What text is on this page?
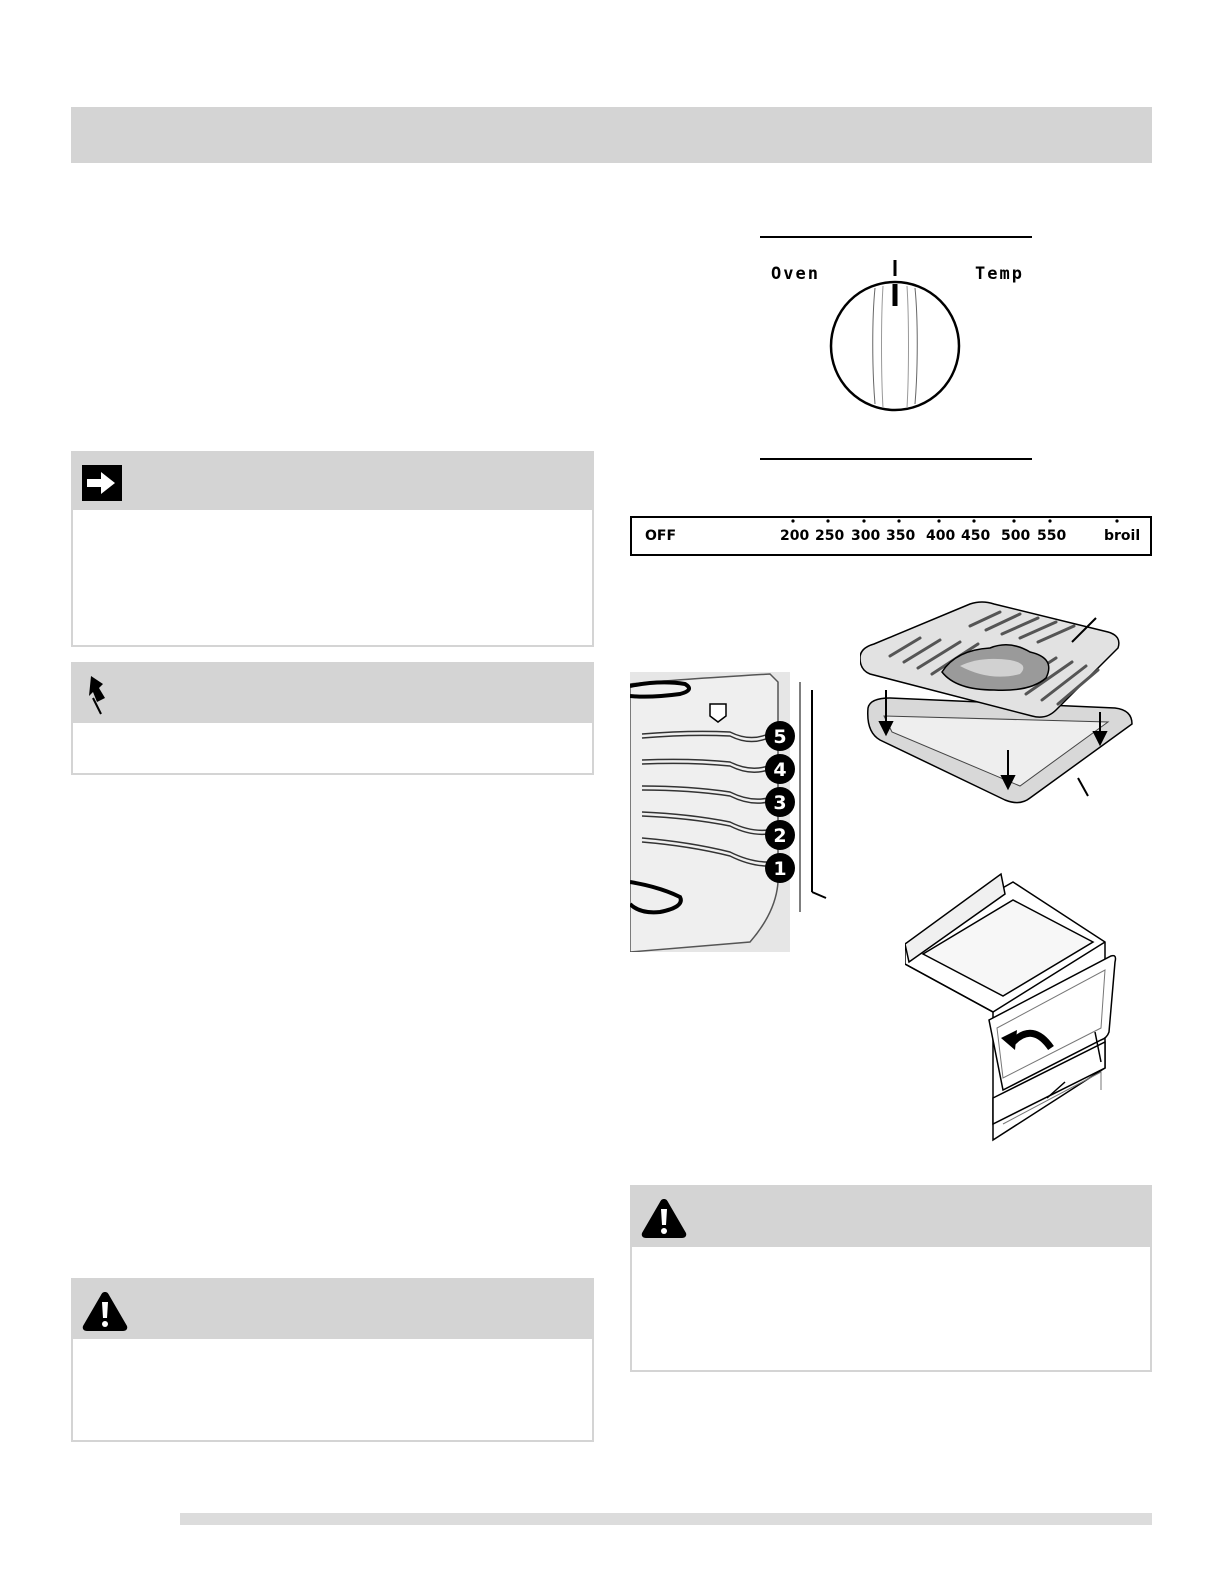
Oven	Temp
OFF	200 250 300 350 400 450 500 550	broil
5
4
3
2
1
